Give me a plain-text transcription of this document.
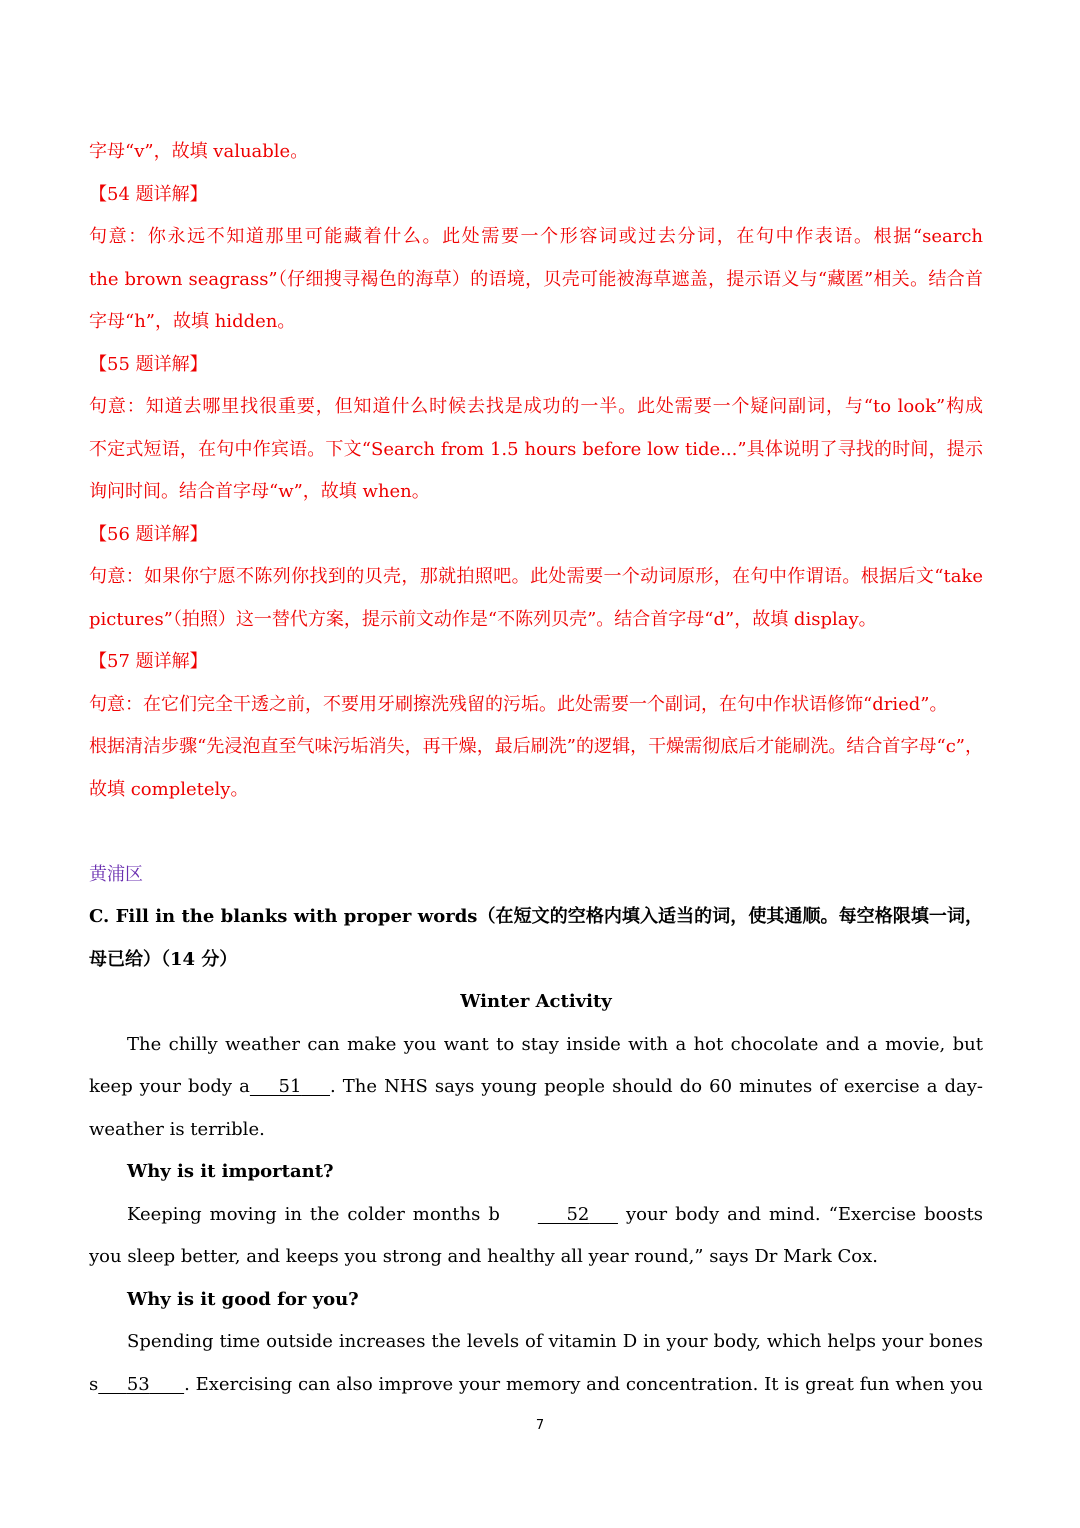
字母“v”，故填 valuable。
【54 题详解】
句意：你永远不知道那里可能藏着什么。此处需要一个形容词或过去分词，在句中作表语。根据“search
the brown seagrass”（仔细搜寻褐色的海草）的语境，贝壳可能被海草遮盖，提示语义与“藏匿”相关。结合首
字母“h”，故填 hidden。
【55 题详解】
句意：知道去哪里找很重要，但知道什么时候去找是成功的一半。此处需要一个疑问副词，与“to look”构成
不定式短语，在句中作宾语。下文“Search from 1.5 hours before low tide...”具体说明了寻找的时间，提示
询问时间。结合首字母“w”，故填 when。
【56 题详解】
句意：如果你宁愿不陈列你找到的贝壳，那就拍照吧。此处需要一个动词原形，在句中作谓语。根据后文“take
pictures”（拍照）这一替代方案，提示前文动作是“不陈列贝壳”。结合首字母“d”，故填 display。
【57 题详解】
句意：在它们完全干透之前，不要用牙刷擦洗残留的污垢。此处需要一个副词，在句中作状语修饰“dried”。
根据清洁步骤“先浸泡直至气味污垢消失，再干燥，最后刷洗”的逻辑，干燥需彻底后才能刷洗。结合首字母“c”，
故填 completely。
黄浦区
C. Fill in the blanks with proper words（在短文的空格内填入适当的词，使其通顺。每空格限填一词，
母已给）（14 分）
Winter Activity
The chilly weather can make you want to stay inside with a hot chocolate and a movie, but
keep your body a 51 . The NHS says young people should do 60 minutes of exercise a day-
weather is terrible.
Why is it important?
Keeping moving in the colder months b	52 your body and mind. “Exercise boosts
you sleep better, and keeps you strong and healthy all year round,” says Dr Mark Cox.
Why is it good for you?
Spending time outside increases the levels of vitamin D in your body, which helps your bones
s 53 . Exercising can also improve your memory and concentration. It is great fun when you
7
